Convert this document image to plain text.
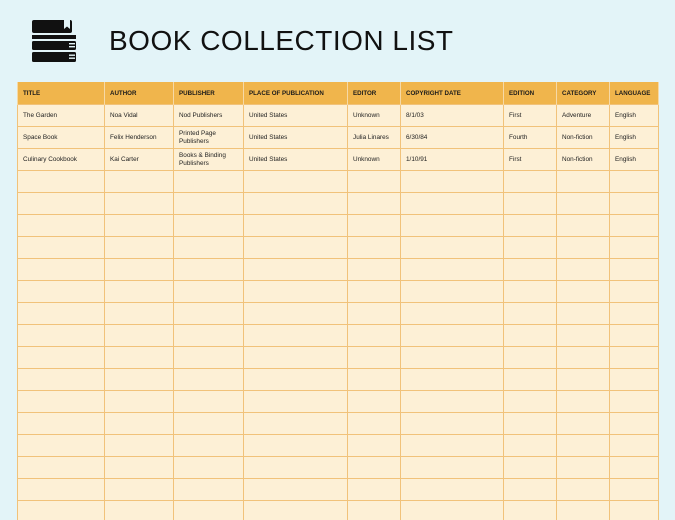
BOOK COLLECTION LIST
TITLE	AUTHOR	PUBLISHER	PLACE OF PUBLICATION	EDITOR	COPYRIGHT DATE	EDITION	CATEGORY	LANGUAGE
The Garden	Noa Vidal	Nod Publishers	United States	Unknown	8/1/03	First	Adventure	English
Space Book	Felix Henderson	Printed Page Publishers	United States	Julia Linares	6/30/84	Fourth	Non-fiction	English
Culinary Cookbook	Kai Carter	Books & Binding Publishers	United States	Unknown	1/10/91	First	Non-fiction	English
